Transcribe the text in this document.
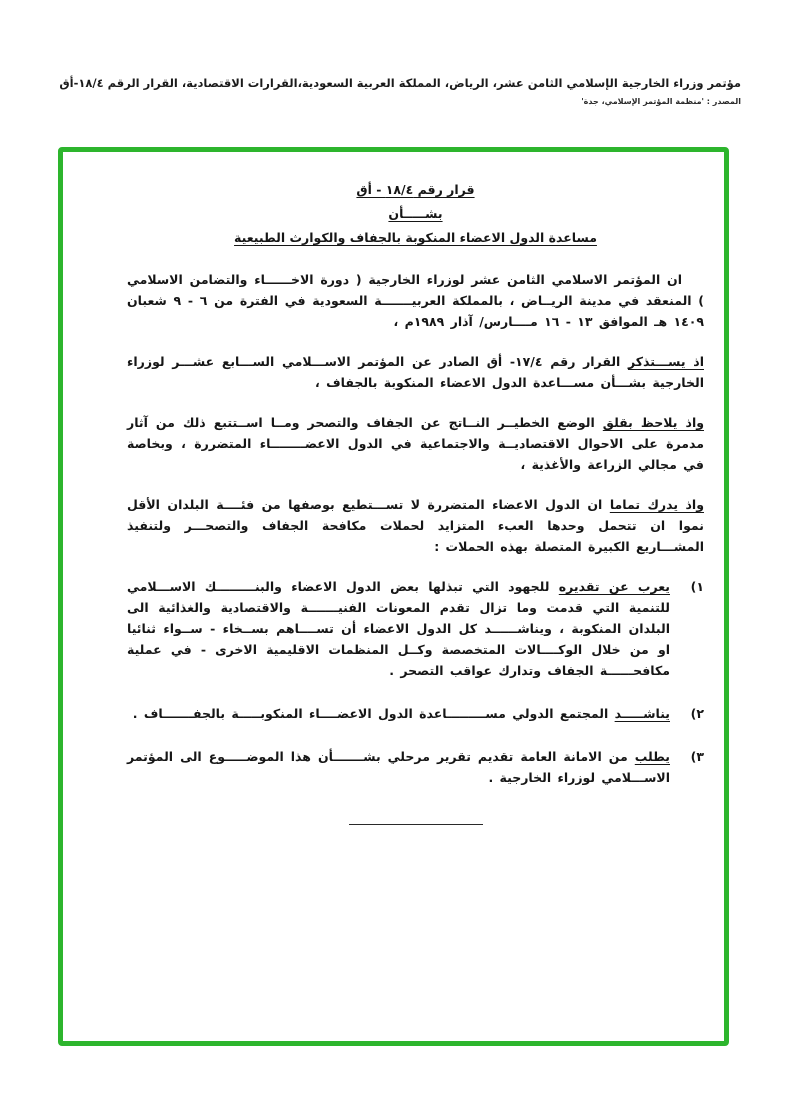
مؤتمر وزراء الخارجية الإسلامي الثامن عشر، الرياض، المملكة العربية السعودية،القرارات الاقتصادية، القرار الرقم ١٨/٤-أق
المصدر : 'منظمة المؤتمر الإسلامي، جدة'
قرار رقم ١٨/٤ - أق
بشـــــأن
مساعدة الدول الاعضاء المنكوبة بالجفاف والكوارث الطبيعية

ان المؤتمر الاسلامي الثامن عشر لوزراء الخارجية ( دورة الاخــــــاء والتضامن الاسلامي ) المنعقد في مدينة الريــاض ، بالمملكة العربيـــــــة السعودية في الفترة من ٦ - ٩ شعبان ١٤٠٩ هـ الموافق ١٣ - ١٦ مــــارس/ آذار ١٩٨٩م ،

اذ يســـتذكر القرار رقم ١٧/٤- أق الصادر عن المؤتمر الاســـلامي الســـابع عشـــر لوزراء الخارجية بشـــأن مســـاعدة الدول الاعضاء المنكوبة بالجفاف ،

واذ يلاحظ بقلق الوضع الخطيــر النــاتج عن الجفاف والتصحر ومــا اســتتبع ذلك من آثار مدمرة على الاحوال الاقتصاديــة والاجتماعية في الدول الاعضــــــــاء المتضررة ، وبخاصة في مجالي الزراعة والأغذية ،

واذ يدرك تماما ان الدول الاعضاء المتضررة لا تســـتطيع بوصفها من فئــــة البلدان الأقل نموا ان تتحمل وحدها العبء المتزايد لحملات مكافحة الجفاف والتصحـــر ولتنفيذ المشـــاريع الكبيرة المتصلة بهذه الحملات :

١)

يعرب عن تقديره للجهود التي تبذلها بعض الدول الاعضاء والبنـــــــــك الاســـلامي للتنمية التي قدمت وما تزال تقدم المعونات الفنيـــــــة والاقتصادية والغذائية الى البلدان المنكوبة ، ويناشــــــد كل الدول الاعضاء أن تســــاهم بســخاء - ســواء ثنائيا او من خلال الوكــــالات المتخصصة وكــل المنظمات الاقليمية الاخرى - في عملية مكافحــــــة الجفاف وتدارك عواقب التصحر .

٢)

يناشـــــد المجتمع الدولي مســـــــــاعدة الدول الاعضــــاء المنكوبـــــة بالجفـــــــاف .

٣)

يطلب من الامانة العامة تقديم تقرير مرحلي بشـــــــأن هذا الموضـــــوع الى المؤتمر الاســـلامي لوزراء الخارجية .
